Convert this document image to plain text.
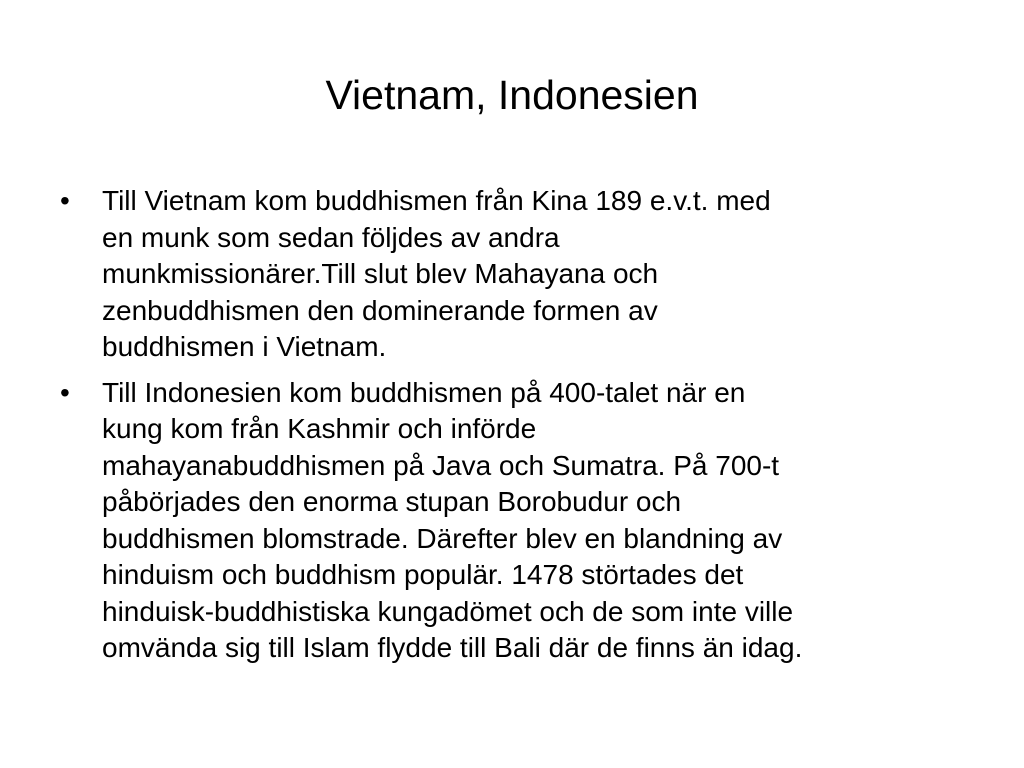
Vietnam, Indonesien
•	Till Vietnam kom buddhismen från Kina 189 e.v.t. med
en munk som sedan följdes av andra
munkmissionärer.Till slut blev Mahayana och
zenbuddhismen den dominerande formen av
buddhismen i Vietnam.
•	Till Indonesien kom buddhismen på 400-talet när en
kung kom från Kashmir och införde
mahayanabuddhismen på Java och Sumatra. På 700-t
påbörjades den enorma stupan Borobudur och
buddhismen blomstrade. Därefter blev en blandning av
hinduism och buddhism populär. 1478 störtades det
hinduisk-buddhistiska kungadömet och de som inte ville
omvända sig till Islam flydde till Bali där de finns än idag.
